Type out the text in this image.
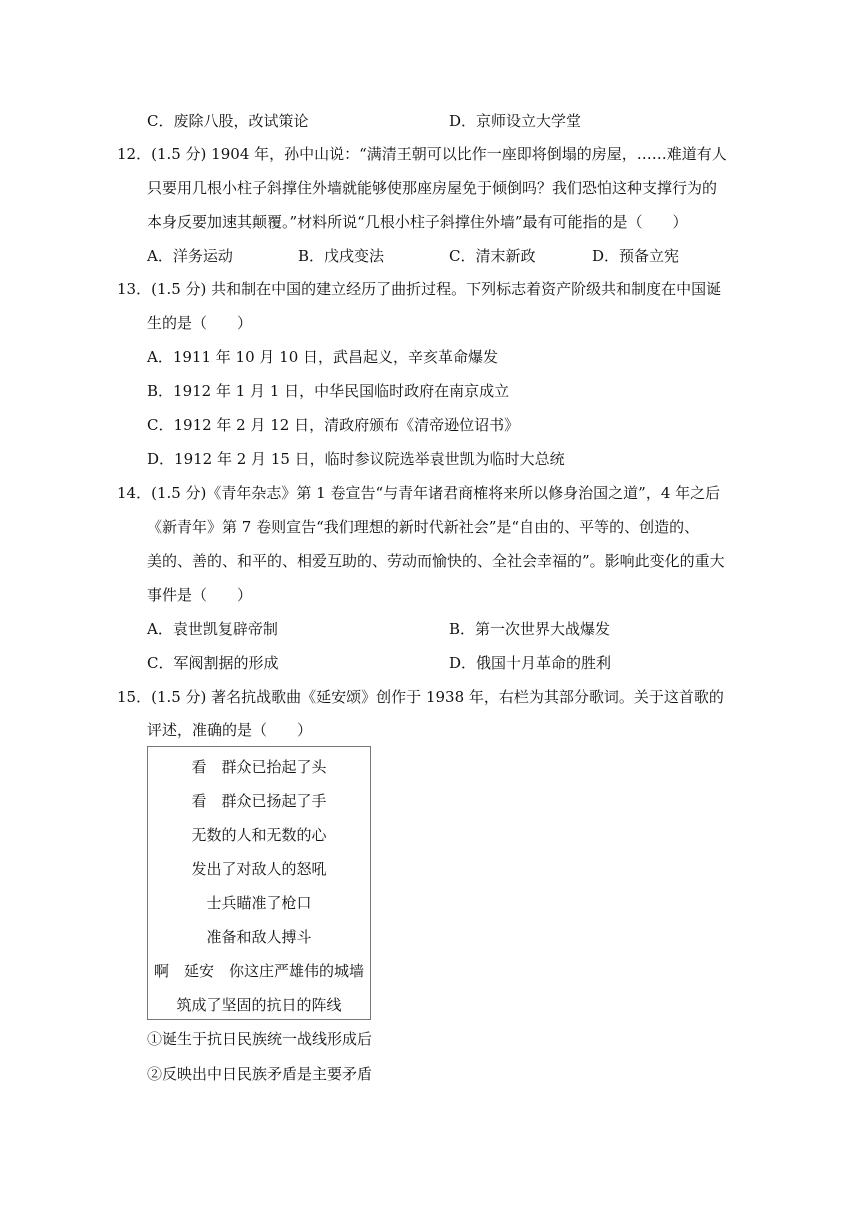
C．废除八股，改试策论	D．京师设立大学堂
12．(1.5 分) 1904 年，孙中山说：“满清王朝可以比作一座即将倒塌的房屋，……难道有人
只要用几根小柱子斜撑住外墙就能够使那座房屋免于倾倒吗？我们恐怕这种支撑行为的
本身反要加速其颠覆。”材料所说“几根小柱子斜撑住外墙”最有可能指的是（　　）
A．洋务运动	B．戊戌变法	C．清末新政	D．预备立宪
13．(1.5 分) 共和制在中国的建立经历了曲折过程。下列标志着资产阶级共和制度在中国诞
生的是（　　）
A．1911 年 10 月 10 日，武昌起义，辛亥革命爆发
B．1912 年 1 月 1 日，中华民国临时政府在南京成立
C．1912 年 2 月 12 日，清政府颁布《清帝逊位诏书》
D．1912 年 2 月 15 日，临时参议院选举袁世凯为临时大总统
14．(1.5 分)《青年杂志》第 1 卷宣告“与青年诸君商榷将来所以修身治国之道”，4 年之后
《新青年》第 7 卷则宣告“我们理想的新时代新社会”是“自由的、平等的、创造的、
美的、善的、和平的、相爱互助的、劳动而愉快的、全社会幸福的”。影响此变化的重大
事件是（　　）
A．袁世凯复辟帝制	B．第一次世界大战爆发
C．军阀割据的形成	D．俄国十月革命的胜利
15．(1.5 分) 著名抗战歌曲《延安颂》创作于 1938 年，右栏为其部分歌词。关于这首歌的
评述，准确的是（　　）
看　群众已抬起了头
看　群众已扬起了手
无数的人和无数的心
发出了对敌人的怒吼
士兵瞄准了枪口
准备和敌人搏斗
啊　延安　你这庄严雄伟的城墙
筑成了坚固的抗日的阵线
①诞生于抗日民族统一战线形成后
②反映出中日民族矛盾是主要矛盾
